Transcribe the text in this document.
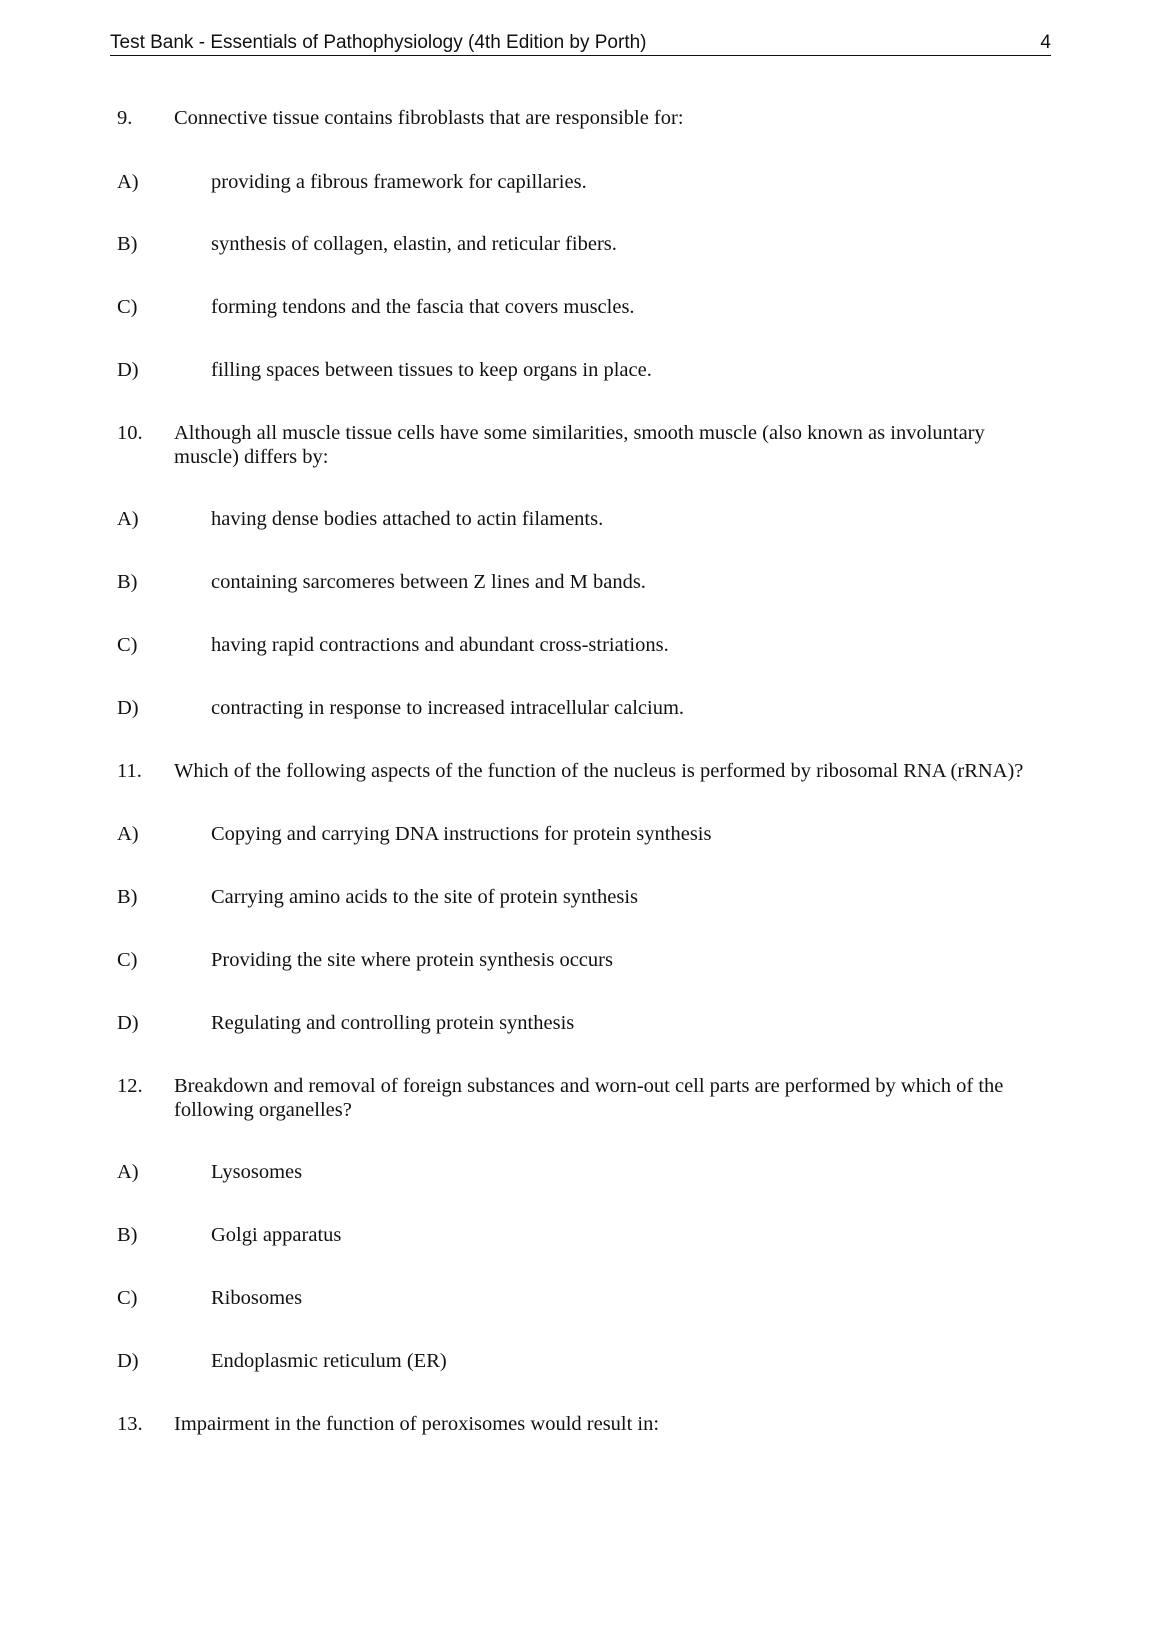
Test Bank - Essentials of Pathophysiology (4th Edition by Porth)	4
9. Connective tissue contains fibroblasts that are responsible for:
A)	providing a fibrous framework for capillaries.
B)	synthesis of collagen, elastin, and reticular fibers.
C)	forming tendons and the fascia that covers muscles.
D)	filling spaces between tissues to keep organs in place.
10. Although all muscle tissue cells have some similarities, smooth muscle (also known as involuntary muscle) differs by:
A)	having dense bodies attached to actin filaments.
B)	containing sarcomeres between Z lines and M bands.
C)	having rapid contractions and abundant cross-striations.
D)	contracting in response to increased intracellular calcium.
11. Which of the following aspects of the function of the nucleus is performed by ribosomal RNA (rRNA)?
A)	Copying and carrying DNA instructions for protein synthesis
B)	Carrying amino acids to the site of protein synthesis
C)	Providing the site where protein synthesis occurs
D)	Regulating and controlling protein synthesis
12. Breakdown and removal of foreign substances and worn-out cell parts are performed by which of the following organelles?
A)	Lysosomes
B)	Golgi apparatus
C)	Ribosomes
D)	Endoplasmic reticulum (ER)
13. Impairment in the function of peroxisomes would result in:
